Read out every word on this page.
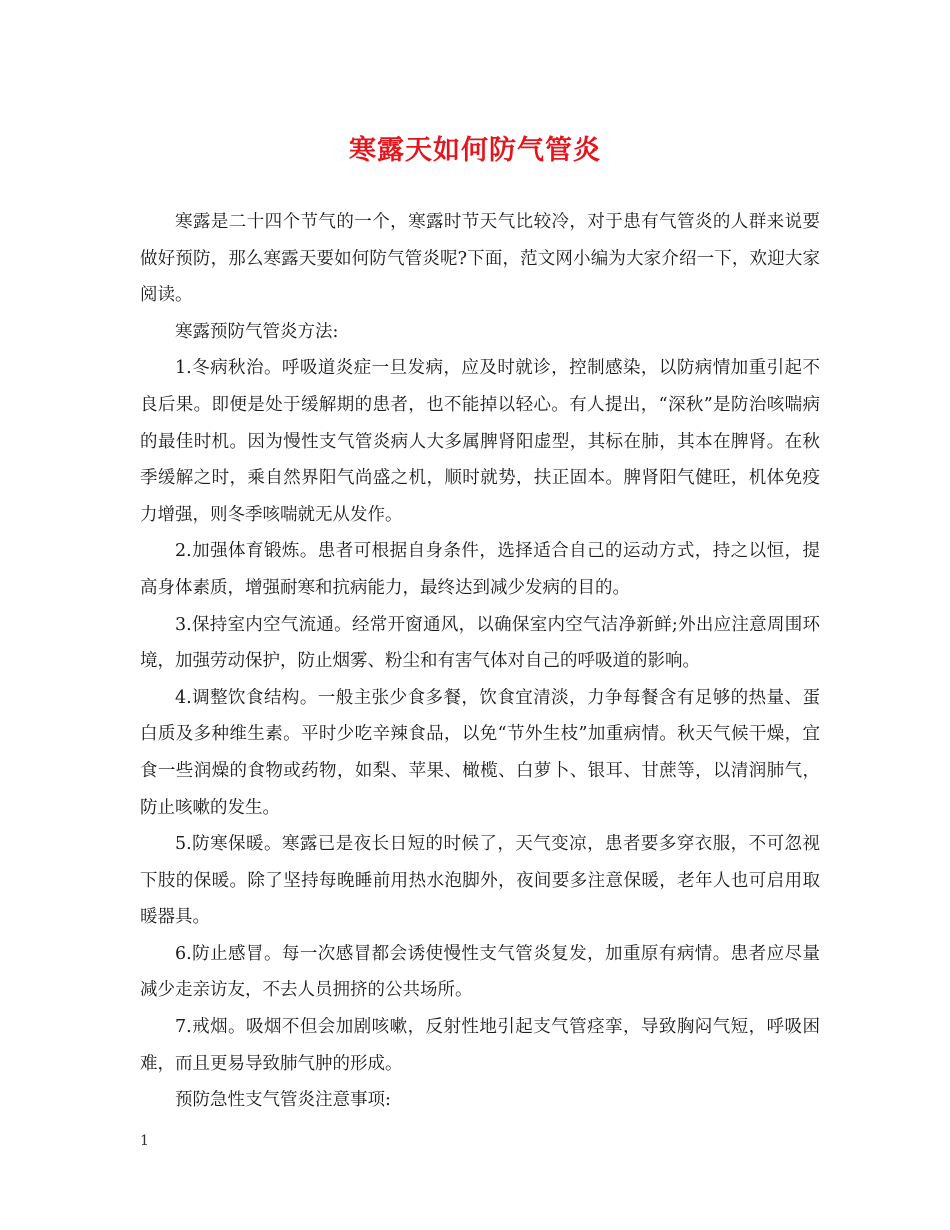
寒露天如何防气管炎

寒露是二十四个节气的一个，寒露时节天气比较冷，对于患有气管炎的人群来说要做好预防，那么寒露天要如何防气管炎呢?下面，范文网小编为大家介绍一下，欢迎大家阅读。

寒露预防气管炎方法:

1.冬病秋治。呼吸道炎症一旦发病，应及时就诊，控制感染，以防病情加重引起不良后果。即便是处于缓解期的患者，也不能掉以轻心。有人提出，“深秋”是防治咳喘病的最佳时机。因为慢性支气管炎病人大多属脾肾阳虚型，其标在肺，其本在脾肾。在秋季缓解之时，乘自然界阳气尚盛之机，顺时就势，扶正固本。脾肾阳气健旺，机体免疫力增强，则冬季咳喘就无从发作。

2.加强体育锻炼。患者可根据自身条件，选择适合自己的运动方式，持之以恒，提高身体素质，增强耐寒和抗病能力，最终达到减少发病的目的。

3.保持室内空气流通。经常开窗通风，以确保室内空气洁净新鲜;外出应注意周围环境，加强劳动保护，防止烟雾、粉尘和有害气体对自己的呼吸道的影响。

4.调整饮食结构。一般主张少食多餐，饮食宜清淡，力争每餐含有足够的热量、蛋白质及多种维生素。平时少吃辛辣食品，以免“节外生枝”加重病情。秋天气候干燥，宜食一些润燥的食物或药物，如梨、苹果、橄榄、白萝卜、银耳、甘蔗等，以清润肺气，防止咳嗽的发生。

5.防寒保暖。寒露已是夜长日短的时候了，天气变凉，患者要多穿衣服，不可忽视下肢的保暖。除了坚持每晚睡前用热水泡脚外，夜间要多注意保暖，老年人也可启用取暖器具。

6.防止感冒。每一次感冒都会诱使慢性支气管炎复发，加重原有病情。患者应尽量减少走亲访友，不去人员拥挤的公共场所。

7.戒烟。吸烟不但会加剧咳嗽，反射性地引起支气管痉挛，导致胸闷气短，呼吸困难，而且更易导致肺气肿的形成。

预防急性支气管炎注意事项:

1
